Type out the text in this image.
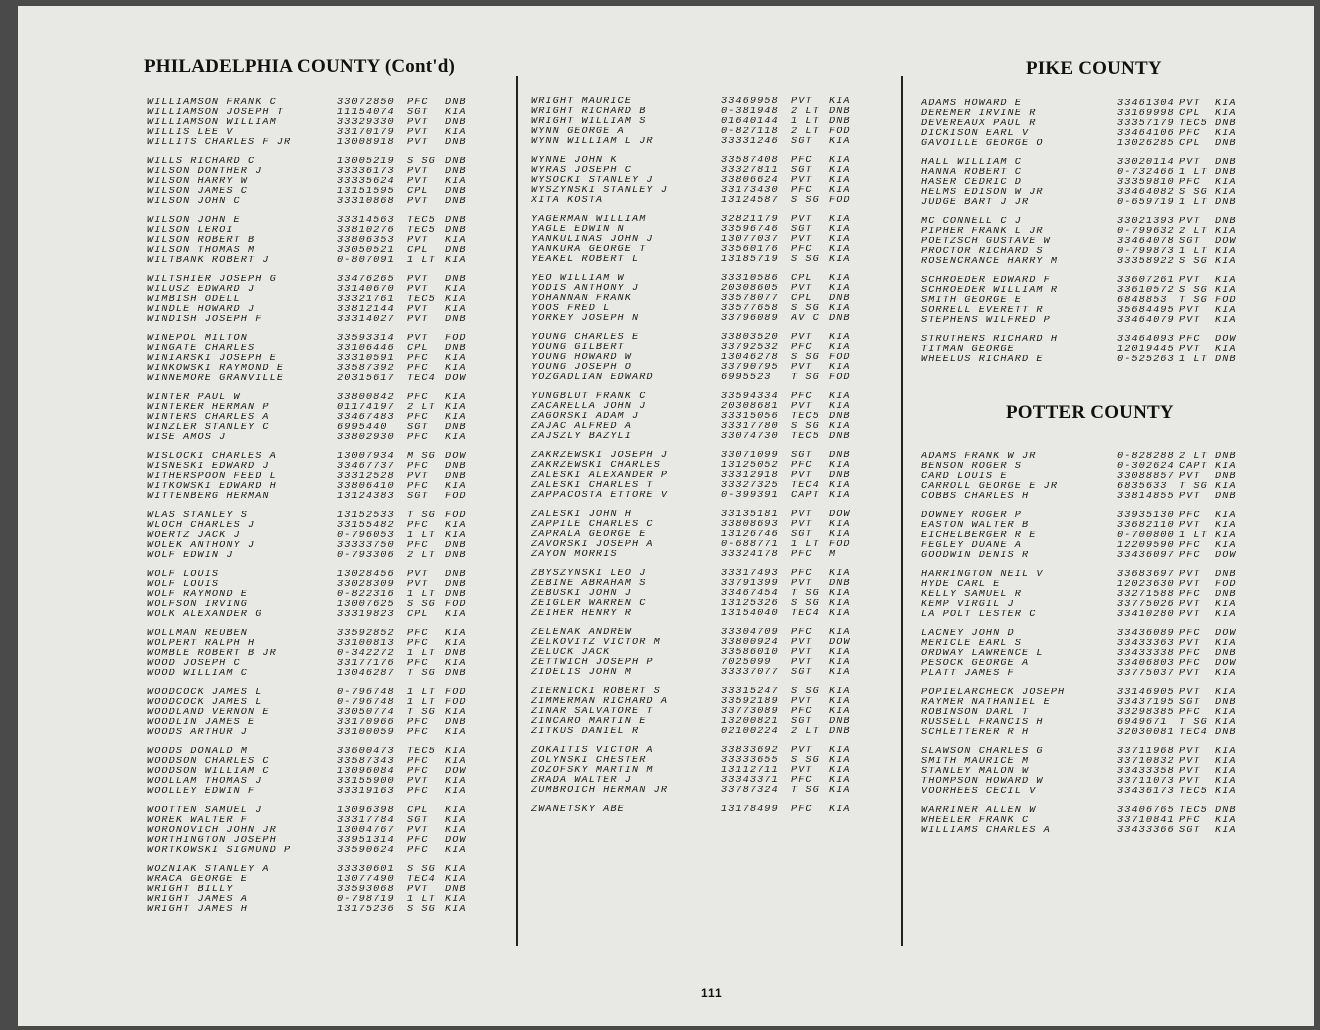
PHILADELPHIA COUNTY (Cont'd)	PIKE COUNTY
POTTER COUNTY
WILLIAMSON FRANK C	33072850	PFC	DNB
WILLIAMSON JOSEPH T	11154074	SGT	KIA
WILLIAMSON WILLIAM	33329330	PVT	DNB
WILLIS LEE V	33170179	PVT	KIA
WILLITS CHARLES F JR	13008918	PVT	DNB
WILLS RICHARD C	13005219	S SG DNB
WILSON DONTHER J	33336173	PVT	DNB
WILSON HARRY W	33335624	PVT	KIA
WILSON JAMES C	13151595	CPL	DNB
WILSON JOHN C	33310868	PVT	DNB
WILSON JOHN E	33314563	TEC5 DNB
WILSON LEROI	33810276	TEC5 DNB
WILSON ROBERT B	33806353	PVT	KIA
WILSON THOMAS M	33050521	CPL	DNB
WILTBANK ROBERT J	0-807091	1 LT KIA
WILTSHIER JOSEPH G	33476265	PVT	DNB
WILUSZ EDWARD J	33140670	PVT	KIA
WIMBISH ODELL	33321761	TEC5 KIA
WINDLE HOWARD J	33812144	PVT	KIA
WINDISH JOSEPH F	33314027	PVT	DNB
WINEPOL MILTON	33593314	PVT	FOD
WINGATE CHARLES	33106446	CPL	DNB
WINIARSKI JOSEPH E	33310591	PFC	KIA
WINKOWSKI RAYMOND E	33587392	PFC	KIA
WINNEMORE GRANVILLE	20315617	TEC4 DOW
WINTER PAUL W	33800842	PFC	KIA
WINTERER HERMAN P	01174197	2 LT KIA
WINTERS CHARLES A	33467483	PFC	KIA
WINZLER STANLEY C	6995440	SGT	DNB
WISE AMOS J	33802930	PFC	KIA
WISLOCKI CHARLES A	13007934	M SG DOW
WISNESKI EDWARD J	33467737	PFC	DNB
WITHERSPOON FEED L	33312528	PVT	DNB
WITKOWSKI EDWARD H	33806410	PFC	KIA
WITTENBERG HERMAN	13124383	SGT	FOD
WLAS STANLEY S	13152533	T SG FOD
WLOCH CHARLES J	33155482	PFC	KIA
WOERTZ JACK J	0-796053	1 LT KIA
WOLEK ANTHONY J	33333750	PFC	DNB
WOLF EDWIN J	0-793306	2 LT DNB
WOLF LOUIS	13028456	PVT	DNB
WOLF LOUIS	33028309	PVT	DNB
WOLF RAYMOND E	0-822316	1 LT DNB
WOLFSON IRVING	13007625	S SG FOD
WOLK ALEXANDER G	33319823	CPL	KIA
WOLLMAN REUBEN	33592852	PFC	KIA
WOLPERT RALPH H	33100813	PFC	KIA
WOMBLE ROBERT B JR	0-342272	1 LT DNB
WOOD JOSEPH C	33177176	PFC	KIA
WOOD WILLIAM C	13046287	T SG DNB
WOODCOCK JAMES L	0-796748	1 LT FOD
WOODCOCK JAMES L	0-796748	1 LT FOD
WOODLAND VERNON E	33050774	T SG KIA
WOODLIN JAMES E	33170966	PFC	DNB
WOODS ARTHUR J	33100059	PFC	KIA
WOODS DONALD M	33600473	TEC5 KIA
WOODSON CHARLES C	33587343	PFC	KIA
WOODSON WILLIAM C	13096084	PFC	DOW
WOOLLAM THOMAS J	33155900	PVT	KIA
WOOLLEY EDWIN F	33319163	PFC	KIA
WOOTTEN SAMUEL J	13096398	CPL	KIA
WOREK WALTER F	33317784	SGT	KIA
WORONOVICH JOHN JR	13004767	PVT	KIA
WORTHINGTON JOSEPH	33951314	PFC	DOW
WORTKOWSKI SIGMUND P	33590624	PFC	KIA
WOZNIAK STANLEY A	33330601	S SG KIA
WRACA GEORGE E	13077490	TEC4 KIA
WRIGHT BILLY	33593068	PVT	DNB
WRIGHT JAMES A	0-798719	1 LT KIA
WRIGHT JAMES H	13175236	S SG KIA
WRIGHT MAURICE	33469958	PVT	KIA
WRIGHT RICHARD B	0-381948	2 LT DNB
WRIGHT WILLIAM S	01640144	1 LT DNB
WYNN GEORGE A	0-827118	2 LT FOD
WYNN WILLIAM L JR	33331246	SGT	KIA
WYNNE JOHN K	33587408	PFC	KIA
WYRAS JOSEPH C	33327811	SGT	KIA
WYSOCKI STANLEY J	33806624	PVT	KIA
WYSZYNSKI STANLEY J	33173430	PFC	KIA
XITA KOSTA	13124587	S SG FOD
YAGERMAN WILLIAM	32821179	PVT	KIA
YAGLE EDWIN N	33596746	SGT	KIA
YANKULINAS JOHN J	13077037	PVT	KIA
YANKURA GEORGE T	33560176	PFC	KIA
YEAKEL ROBERT L	13185719	S SG KIA
YEO WILLIAM W	33310586	CPL	KIA
YODIS ANTHONY J	20308605	PVT	KIA
YOHANNAN FRANK	33578077	CPL	DNB
YOOS FRED L	33577658	S SG KIA
YORKEY JOSEPH N	33796089	AV C DNB
YOUNG CHARLES E	33803520	PVT	KIA
YOUNG GILBERT	33792532	PFC	KIA
YOUNG HOWARD W	13046278	S SG FOD
YOUNG JOSEPH O	33790795	PVT	KIA
YOZGADLIAN EDWARD	6995523	T SG FOD
YUNGBLUT FRANK C	33594334	PFC	KIA
ZACARELLA JOHN J	20308681	PVT	KIA
ZAGORSKI ADAM J	33315056	TEC5 DNB
ZAJAC ALFRED A	33317780	S SG KIA
ZAJSZLY BAZYLI	33074730	TEC5 DNB
ZAKRZEWSKI JOSEPH J	33071099	SGT	DNB
ZAKRZEWSKI CHARLES	13125052	PFC	KIA
ZALESKI ALEXANDER P	33312918	PVT	DNB
ZALESKI CHARLES T	33327325	TEC4 KIA
ZAPPACOSTA ETTORE V	0-399391	CAPT KIA
ZALESKI JOHN H	33135181	PVT	DOW
ZAPPILE CHARLES C	33808693	PVT	KIA
ZAPRALA GEORGE E	13126746	SGT	KIA
ZAVORSKI JOSEPH A	0-688771	1 LT FOD
ZAYON MORRIS	33324178	PFC	M
ZBYSZYNSKI LEO J	33317493	PFC	KIA
ZEBINE ABRAHAM S	33791399	PVT	DNB
ZEBUSKI JOHN J	33467454	T SG KIA
ZEIGLER WARREN C	13125326	S SG KIA
ZEIHER HENRY R	13154040	TEC4 KIA
ZELENAK ANDREW	33304709	PFC	KIA
ZELKOVITZ VICTOR M	33800924	PVT	DOW
ZELUCK JACK	33586010	PVT	KIA
ZETTWICH JOSEPH P	7025099	PVT	KIA
ZIDELIS JOHN M	33337077	SGT	KIA
ZIERNICKI ROBERT S	33315247	S SG KIA
ZIMMERMAN RICHARD A	33592189	PVT	KIA
ZINAR SALVATORE T	33773089	PFC	KIA
ZINCARO MARTIN E	13200821	SGT	DNB
ZITKUS DANIEL R	02100224	2 LT DNB
ZOKAITIS VICTOR A	33833692	PVT	KIA
ZOLYNSKI CHESTER	33333655	S SG KIA
ZOZOFSKY MARTIN M	13112711	PVT	KIA
ZRADA WALTER J	33343371	PFC	KIA
ZUMBROICH HERMAN JR	33787324	T SG KIA
ZWANETSKY ABE	13178499	PFC	KIA
ADAMS HOWARD E	33461304 PVT	KIA
DEREMER IRVINE R	33169998 CPL	KIA
DEVEREAUX PAUL R	33357179 TEC5 DNB
DICKISON EARL V	33464106 PFC	KIA
GAVOILLE GEORGE O	13026285 CPL	DNB
HALL WILLIAM C	33020114 PVT	DNB
HANNA ROBERT C	0-732466 1 LT DNB
HASER CEDRIC D	33359810 PFC	KIA
HELMS EDISON W JR	33464082 S SG KIA
JUDGE BART J JR	0-659719 1 LT DNB
MC CONNELL C J	33021393 PVT	DNB
PIPHER FRANK L JR	0-799632 2 LT KIA
POETZSCH GUSTAVE W	33464078 SGT	DOW
PROCTOR RICHARD S	0-799873 1 LT KIA
ROSENCRANCE HARRY M	33358922 S SG KIA
SCHROEDER EDWARD F	33607261 PVT	KIA
SCHROEDER WILLIAM R	33610572 S SG KIA
SMITH GEORGE E	6848853	T SG FOD
SORRELL EVERETT R	35684495 PVT	KIA
STEPHENS WILFRED P	33464079 PVT	KIA
STRUTHERS RICHARD H	33464093 PFC	DOW
TITMAN GEORGE	12019445 PVT	KIA
WHEELUS RICHARD E	0-525263 1 LT DNB
ADAMS FRANK W JR	0-828288 2 LT DNB
BENSON ROGER S	0-302624 CAPT KIA
CARD LOUIS E	33088857 PVT	DNB
CARROLL GEORGE E JR	6835633	T SG KIA
COBBS CHARLES H	33814855 PVT	DNB
DOWNEY ROGER P	33935130 PFC	KIA
EASTON WALTER B	33682110 PVT	KIA
EICHELBERGER R E	0-700800 1 LT KIA
FEGLEY DUANE A	12209590 PFC	KIA
GOODWIN DENIS R	33436097 PFC	DOW
HARRINGTON NEIL V	33683697 PVT	DNB
HYDE CARL E	12023630 PVT	FOD
KELLY SAMUEL R	33271588 PFC	DNB
KEMP VIRGIL J	33775026 PVT	KIA
LA POLT LESTER C	33410280 PVT	KIA
LACNEY JOHN D	33436089 PFC	DOW
MERICLE EARL S	33433363 PVT	KIA
ORDWAY LAWRENCE L	33433338 PFC	DNB
PESOCK GEORGE A	33406803 PFC	DOW
PLATT JAMES F	33775037 PVT	KIA
POPIELARCHECK JOSEPH	33146905 PVT	KIA
RAYMER NATHANIEL E	33437195 SGT	DNB
ROBINSON DARL T	33298385 PFC	KIA
RUSSELL FRANCIS H	6949671	T SG KIA
SCHLETTERER R H	32030081 TEC4 DNB
SLAWSON CHARLES G	33711968 PVT	KIA
SMITH MAURICE M	33710832 PVT	KIA
STANLEY MALON W	33433358 PVT	KIA
THOMPSON HOWARD W	33711073 PVT	KIA
VOORHEES CECIL V	33436173 TEC5 KIA
WARRINER ALLEN W	33406765 TEC5 DNB
WHEELER FRANK C	33710841 PFC	KIA
WILLIAMS CHARLES A	33433366 SGT	KIA
111
